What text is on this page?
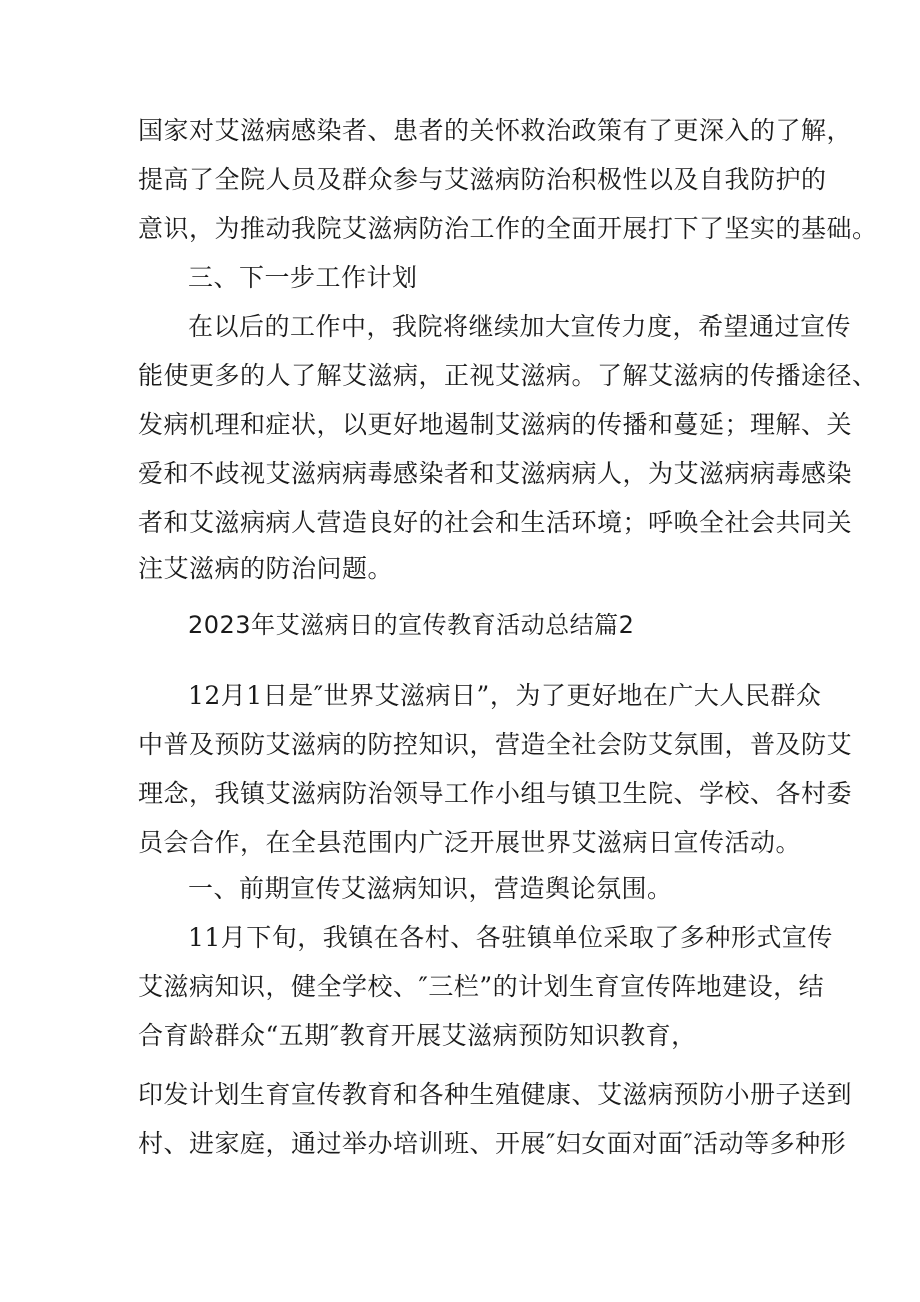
国家对艾滋病感染者、患者的关怀救治政策有了更深入的了解，
提高了全院人员及群众参与艾滋病防治积极性以及自我防护的
意识，为推动我院艾滋病防治工作的全面开展打下了坚实的基础。
三、下一步工作计划
在以后的工作中，我院将继续加大宣传力度，希望通过宣传
能使更多的人了解艾滋病，正视艾滋病。了解艾滋病的传播途径、
发病机理和症状，以更好地遏制艾滋病的传播和蔓延；理解、关
爱和不歧视艾滋病病毒感染者和艾滋病病人，为艾滋病病毒感染
者和艾滋病病人营造良好的社会和生活环境；呼唤全社会共同关
注艾滋病的防治问题。
2023年艾滋病日的宣传教育活动总结篇2
12月1日是″世界艾滋病日”，为了更好地在广大人民群众
中普及预防艾滋病的防控知识，营造全社会防艾氛围，普及防艾
理念，我镇艾滋病防治领导工作小组与镇卫生院、学校、各村委
员会合作，在全县范围内广泛开展世界艾滋病日宣传活动。
一、前期宣传艾滋病知识，营造舆论氛围。
11月下旬，我镇在各村、各驻镇单位采取了多种形式宣传
艾滋病知识，健全学校、″三栏”的计划生育宣传阵地建设，结
合育龄群众“五期″教育开展艾滋病预防知识教育，
印发计划生育宣传教育和各种生殖健康、艾滋病预防小册子送到
村、进家庭，通过举办培训班、开展″妇女面对面″活动等多种形
